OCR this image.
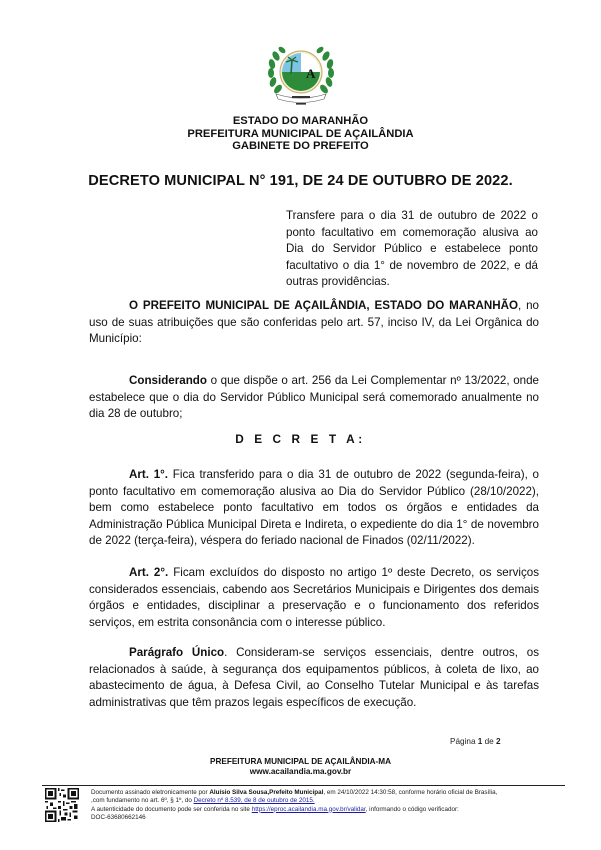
A
ESTADO DO MARANHÃO
PREFEITURA MUNICIPAL DE AÇAILÂNDIA
GABINETE DO PREFEITO
DECRETO MUNICIPAL N° 191, DE 24 DE OUTUBRO DE 2022.
Transfere para o dia 31 de outubro de 2022 o ponto facultativo em comemoração alusiva ao Dia do Servidor Público e estabelece ponto facultativo o dia 1° de novembro de 2022, e dá outras providências.

O PREFEITO MUNICIPAL DE AÇAILÂNDIA, ESTADO DO MARANHÃO, no uso de suas atribuições que são conferidas pelo art. 57, inciso IV, da Lei Orgânica do Município:

Considerando o que dispõe o art. 256 da Lei Complementar nº 13/2022, onde estabelece que o dia do Servidor Público Municipal será comemorado anualmente no dia 28 de outubro;

D E C R E T A:

Art. 1°. Fica transferido para o dia 31 de outubro de 2022 (segunda-feira), o ponto facultativo em comemoração alusiva ao Dia do Servidor Público (28/10/2022), bem como estabelece ponto facultativo em todos os órgãos e entidades da Administração Pública Municipal Direta e Indireta, o expediente do dia 1° de novembro de 2022 (terça-feira), véspera do feriado nacional de Finados (02/11/2022).

Art. 2°. Ficam excluídos do disposto no artigo 1º deste Decreto, os serviços considerados essenciais, cabendo aos Secretários Municipais e Dirigentes dos demais órgãos e entidades, disciplinar a preservação e o funcionamento dos referidos serviços, em estrita consonância com o interesse público.

Parágrafo Único. Consideram-se serviços essenciais, dentre outros, os relacionados à saúde, à segurança dos equipamentos públicos, à coleta de lixo, ao abastecimento de água, à Defesa Civil, ao Conselho Tutelar Municipal e às tarefas administrativas que têm prazos legais específicos de execução.

Página 1 de 2
PREFEITURA MUNICIPAL DE AÇAILÂNDIA-MA
www.acailandia.ma.gov.br
Documento assinado eletronicamente por Aluísio Silva Sousa,Prefeito Municipal, em 24/10/2022 14:30:58, conforme horário oficial de Brasília,
,com fundamento no art. 6º, § 1º, do Decreto nº 8.539, de 8 de outubro de 2015.
A autenticidade do documento pode ser conferida no site https://eproc.acailandia.ma.gov.br/validar, informando o código verificador:
DOC-63680662146
